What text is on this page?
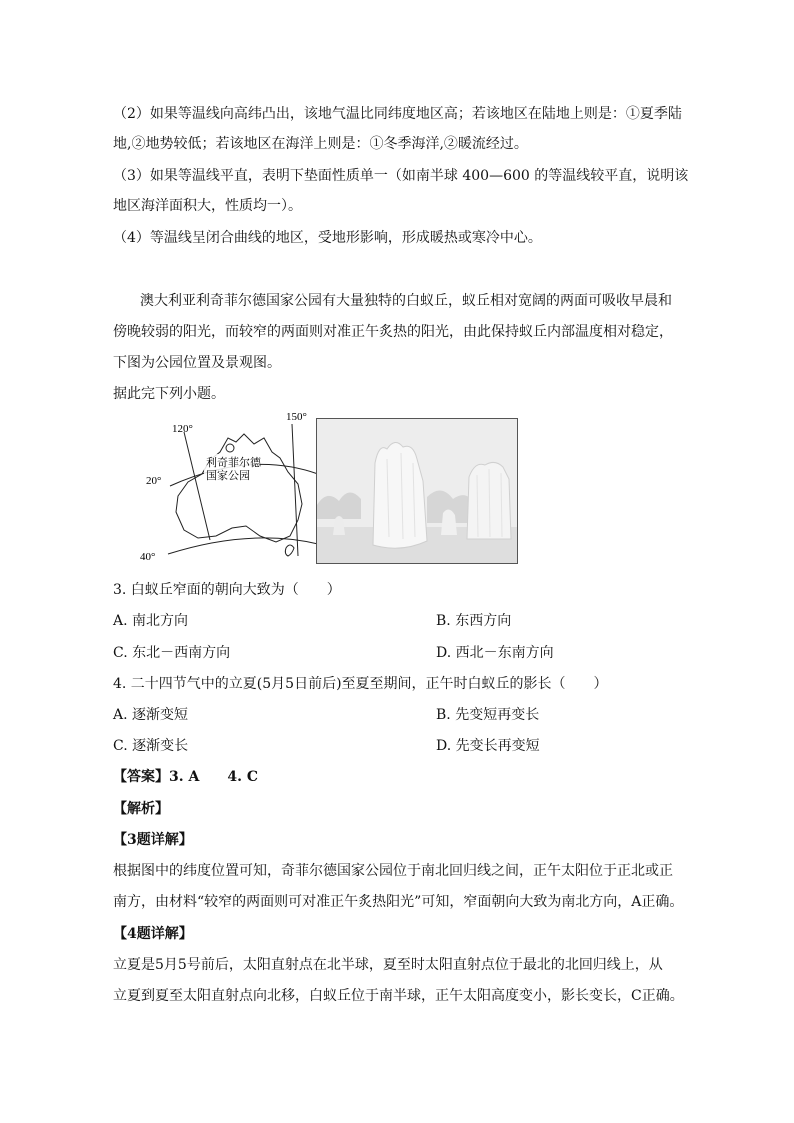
（2）如果等温线向高纬凸出，该地气温比同纬度地区高；若该地区在陆地上则是：①夏季陆
地,②地势较低；若该地区在海洋上则是：①冬季海洋,②暖流经过。
（3）如果等温线平直，表明下垫面性质单一（如南半球 400—600 的等温线较平直，说明该
地区海洋面积大，性质均一）。
（4）等温线呈闭合曲线的地区，受地形影响，形成暖热或寒冷中心。
澳大利亚利奇菲尔德国家公园有大量独特的白蚁丘，蚁丘相对宽阔的两面可吸收早晨和
傍晚较弱的阳光，而较窄的两面则对准正午炙热的阳光，由此保持蚁丘内部温度相对稳定，
下图为公园位置及景观图。
据此完下列小题。
120°
150°
20°
40°
利奇菲尔德
国家公园
3. 白蚁丘窄面的朝向大致为（　　）
A. 南北方向	B. 东西方向
C. 东北－西南方向	D. 西北－东南方向
4. 二十四节气中的立夏(5月5日前后)至夏至期间，正午时白蚁丘的影长（　　）
A. 逐渐变短	B. 先变短再变长
C. 逐渐变长	D. 先变长再变短
【答案】3. A　　4. C
【解析】
【3题详解】
根据图中的纬度位置可知，奇菲尔德国家公园位于南北回归线之间，正午太阳位于正北或正
南方，由材料“较窄的两面则可对准正午炙热阳光”可知，窄面朝向大致为南北方向，A正确。
【4题详解】
立夏是5月5号前后，太阳直射点在北半球，夏至时太阳直射点位于最北的北回归线上，从
立夏到夏至太阳直射点向北移，白蚁丘位于南半球，正午太阳高度变小，影长变长，C正确。
